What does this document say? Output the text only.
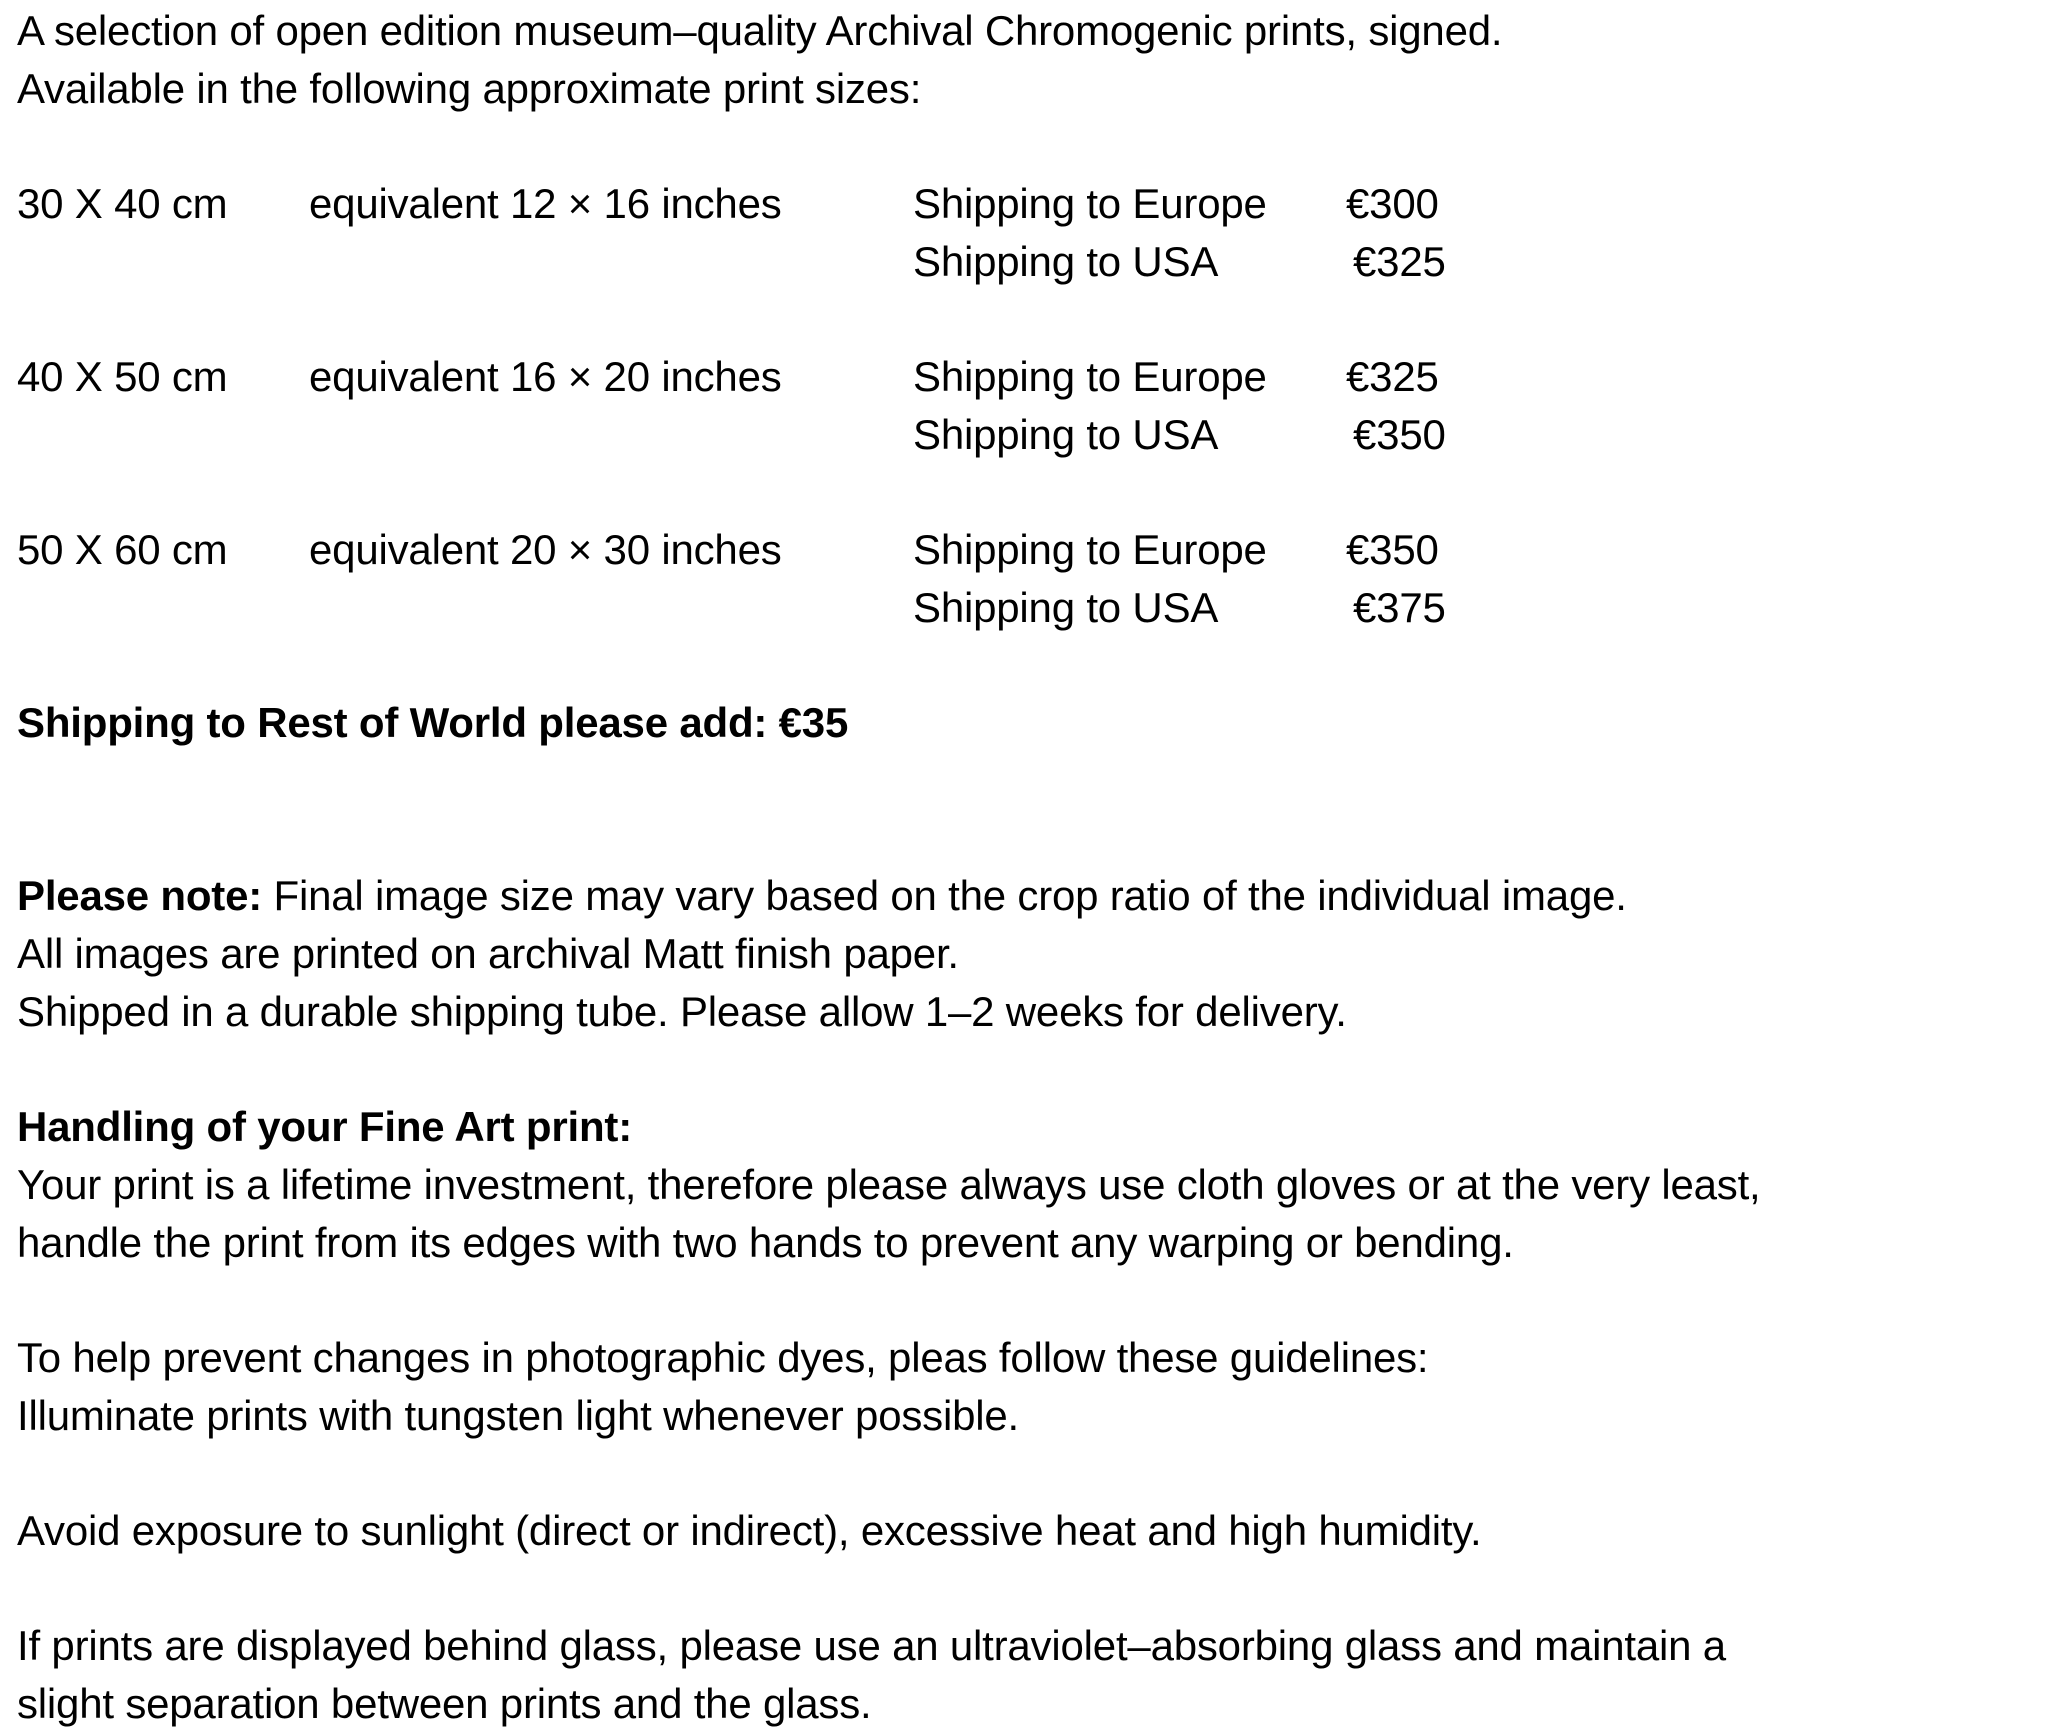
A selection of open edition museum–quality Archival Chromogenic prints, signed.
Available in the following approximate print sizes:
30 X 40 cm equivalent 12 × 16 inches	Shipping to Europe €300
Shipping to USA	€325
40 X 50 cm equivalent 16 × 20 inches	Shipping to Europe €325
Shipping to USA	€350
50 X 60 cm equivalent 20 × 30 inches	Shipping to Europe €350
Shipping to USA	€375
Shipping to Rest of World please add: €35
Please note: Final image size may vary based on the crop ratio of the individual image.
All images are printed on archival Matt finish paper.
Shipped in a durable shipping tube. Please allow 1–2 weeks for delivery.
Handling of your Fine Art print:
Your print is a lifetime investment, therefore please always use cloth gloves or at the very least,
handle the print from its edges with two hands to prevent any warping or bending.
To help prevent changes in photographic dyes, pleas follow these guidelines:
Illuminate prints with tungsten light whenever possible.
Avoid exposure to sunlight (direct or indirect), excessive heat and high humidity.
If prints are displayed behind glass, please use an ultraviolet–absorbing glass and maintain a
slight separation between prints and the glass.
